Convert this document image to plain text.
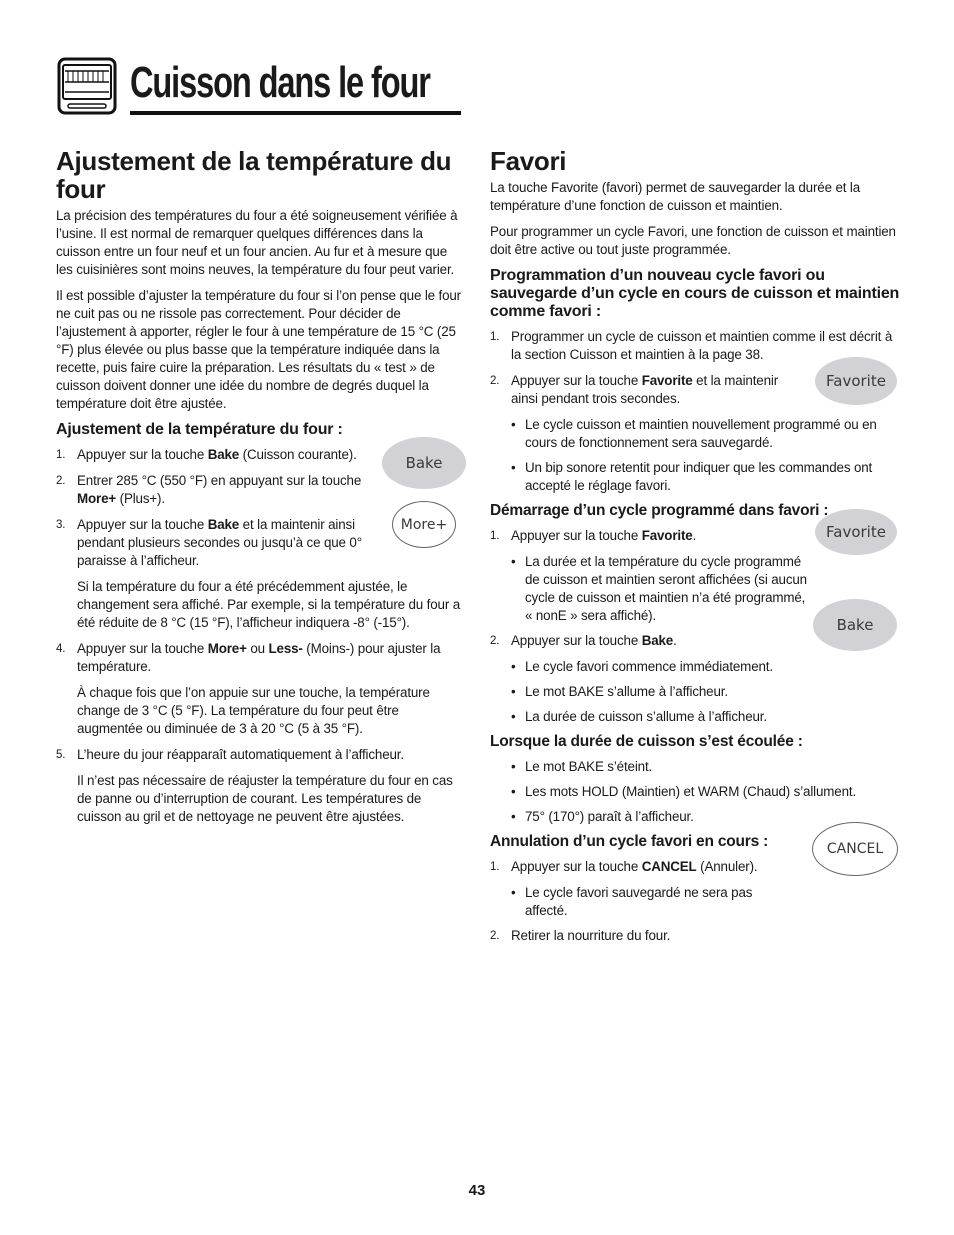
Cuisson dans le four
Ajustement de la température du four

La précision des températures du four a été soigneusement vérifiée à l’usine. Il est normal de remarquer quelques différences dans la cuisson entre un four neuf et un four ancien. Au fur et à mesure que les cuisinières sont moins neuves, la température du four peut varier.

Il est possible d’ajuster la température du four si l’on pense que le four ne cuit pas ou ne rissole pas correctement. Pour décider de l’ajustement à apporter, régler le four à une température de 15 °C (25 °F) plus élevée ou plus basse que la température indiquée dans la recette, puis faire cuire la préparation. Les résultats du « test » de cuisson doivent donner une idée du nombre de degrés duquel la température doit être ajustée.

Ajustement de la température du four :
1. Appuyer sur la touche Bake (Cuisson courante).
2. Entrer 285 °C (550 °F) en appuyant sur la touche More+ (Plus+).
3. Appuyer sur la touche Bake et la maintenir ainsi pendant plusieurs secondes ou jusqu’à ce que 0° paraisse à l’afficheur.

Si la température du four a été précédemment ajustée, le changement sera affiché. Par exemple, si la température du four a été réduite de 8 °C (15 °F), l’afficheur indiquera -8° (-15°).

4. Appuyer sur la touche More+ ou Less- (Moins-) pour ajuster la température.

À chaque fois que l’on appuie sur une touche, la température change de 3 °C (5 °F). La température du four peut être augmentée ou diminuée de 3 à 20 °C (5 à 35 °F).

5. L’heure du jour réapparaît automatiquement à l’afficheur.

Il n’est pas nécessaire de réajuster la température du four en cas de panne ou d’interruption de courant. Les températures de cuisson au gril et de nettoyage ne peuvent être ajustées.

Bake
More+
Favori

La touche Favorite (favori) permet de sauvegarder la durée et la température d’une fonction de cuisson et maintien.

Pour programmer un cycle Favori, une fonction de cuisson et maintien doit être active ou tout juste programmée.

Programmation d’un nouveau cycle favori ou sauvegarde d’un cycle en cours de cuisson et maintien comme favori :
1. Programmer un cycle de cuisson et maintien comme il est décrit à la section Cuisson et maintien à la page 38.
2. Appuyer sur la touche Favorite et la maintenir ainsi pendant trois secondes.
• Le cycle cuisson et maintien nouvellement programmé ou en cours de fonctionnement sera sauvegardé.
• Un bip sonore retentit pour indiquer que les commandes ont accepté le réglage favori.
Démarrage d’un cycle programmé dans favori :
1. Appuyer sur la touche Favorite.
• La durée et la température du cycle programmé de cuisson et maintien seront affichées (si aucun cycle de cuisson et maintien n’a été programmé, « nonE » sera affiché).
2. Appuyer sur la touche Bake.
• Le cycle favori commence immédiatement.
• Le mot BAKE s’allume à l’afficheur.
• La durée de cuisson s’allume à l’afficheur.
Lorsque la durée de cuisson s’est écoulée :
• Le mot BAKE s’éteint.
• Les mots HOLD (Maintien) et WARM (Chaud) s’allument.
• 75° (170°) paraît à l’afficheur.
Annulation d’un cycle favori en cours :
1. Appuyer sur la touche CANCEL (Annuler).
• Le cycle favori sauvegardé ne sera pas affecté.
2. Retirer la nourriture du four.
Favorite
Favorite
Bake
CANCEL
43
